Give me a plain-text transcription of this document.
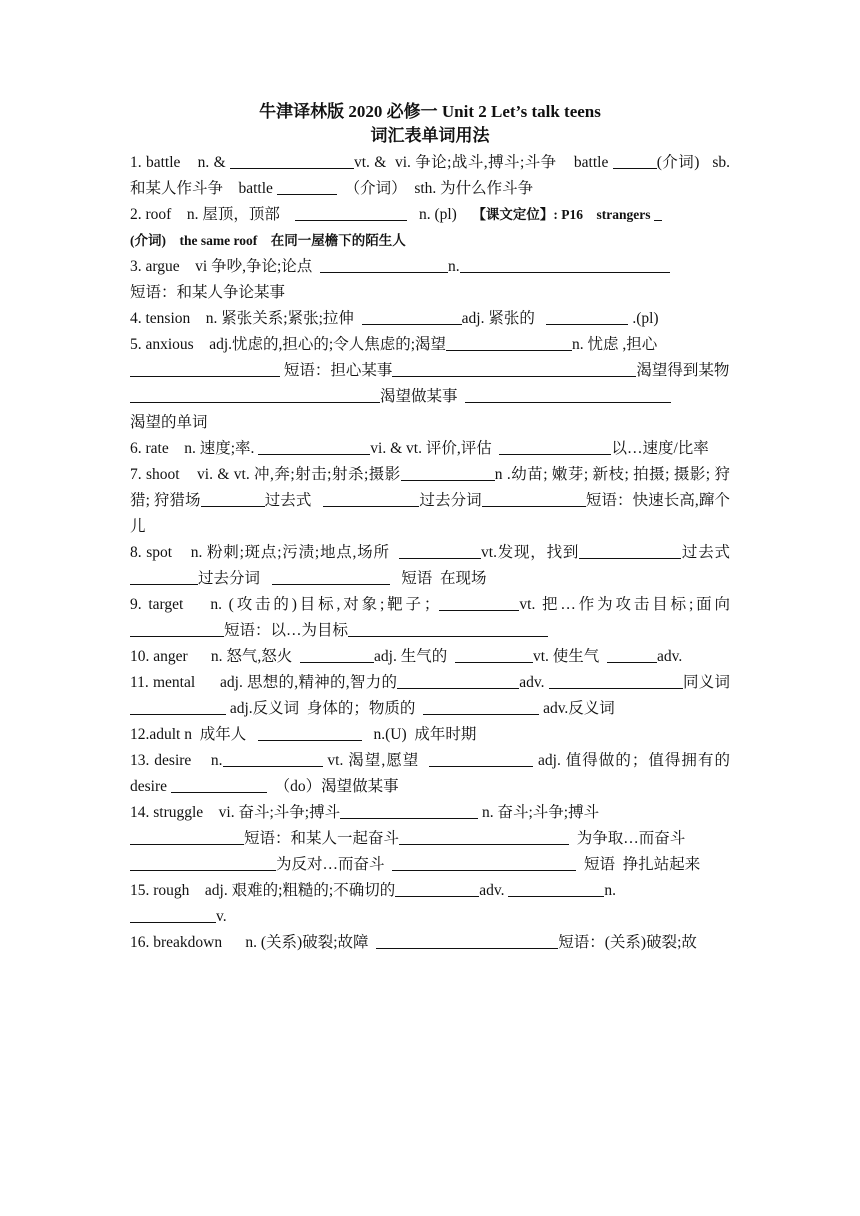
牛津译林版 2020 必修一 Unit 2 Let’s talk teens
词汇表单词用法
1. battle    n. &	vt. &  vi. 争论;战斗,搏斗;斗争    battle	(介词)   sb.和某人作斗争    battle	（介词）  sth. 为什么作斗争
2. roof    n. 屋顶，顶部	n. (pl)    【课文定位】: P16    strangers
(介词)    the same roof    在同一屋檐下的陌生人
3. argue    vi 争吵,争论;论点	n.
短语：和某人争论某事
4. tension    n. 紧张关系;紧张;拉伸	adj. 紧张的	.(pl)
5. anxious    adj.忧虑的,担心的;令人焦虑的;渴望	n. 忧虑 ,担心
短语：担心某事	渴望得到某物
渴望做某事
渴望的单词
6. rate    n. 速度;率.	vi. & vt. 评价,评估	以…速度/比率
7. shoot    vi. & vt. 冲,奔;射击;射杀;摄影	n .幼苗; 嫩芽; 新枝; 拍摄; 摄影; 狩猎; 狩猎场	过去式	过去分词	短语：快速长高,蹿个儿
8. spot    n. 粉刺;斑点;污渍;地点,场所	vt.发现，找到	过去式   过去分词	短语  在现场
9. target    n. (攻击的)目标,对象;靶子；	vt. 把…作为攻击目标;面向短语：以…为目标
10. anger      n. 怒气,怒火	adj. 生气的	vt. 使生气	adv.
11. mental      adj. 思想的,精神的,智力的	adv.	同义词   adj.反义词  身体的；物质的	adv.反义词
12.adult n  成年人	n.(U)  成年时期
13. desire    n.	vt. 渴望,愿望	adj. 值得做的；值得拥有的         desire	（do）渴望做某事
14. struggle    vi. 奋斗;斗争;搏斗	n. 奋斗;斗争;搏斗
短语：和某人一起奋斗	为争取…而奋斗
为反对…而奋斗	短语  挣扎站起来
15. rough    adj. 艰难的;粗糙的;不确切的	adv.	n.
v.
16. breakdown      n. (关系)破裂;故障	短语：(关系)破裂;故
